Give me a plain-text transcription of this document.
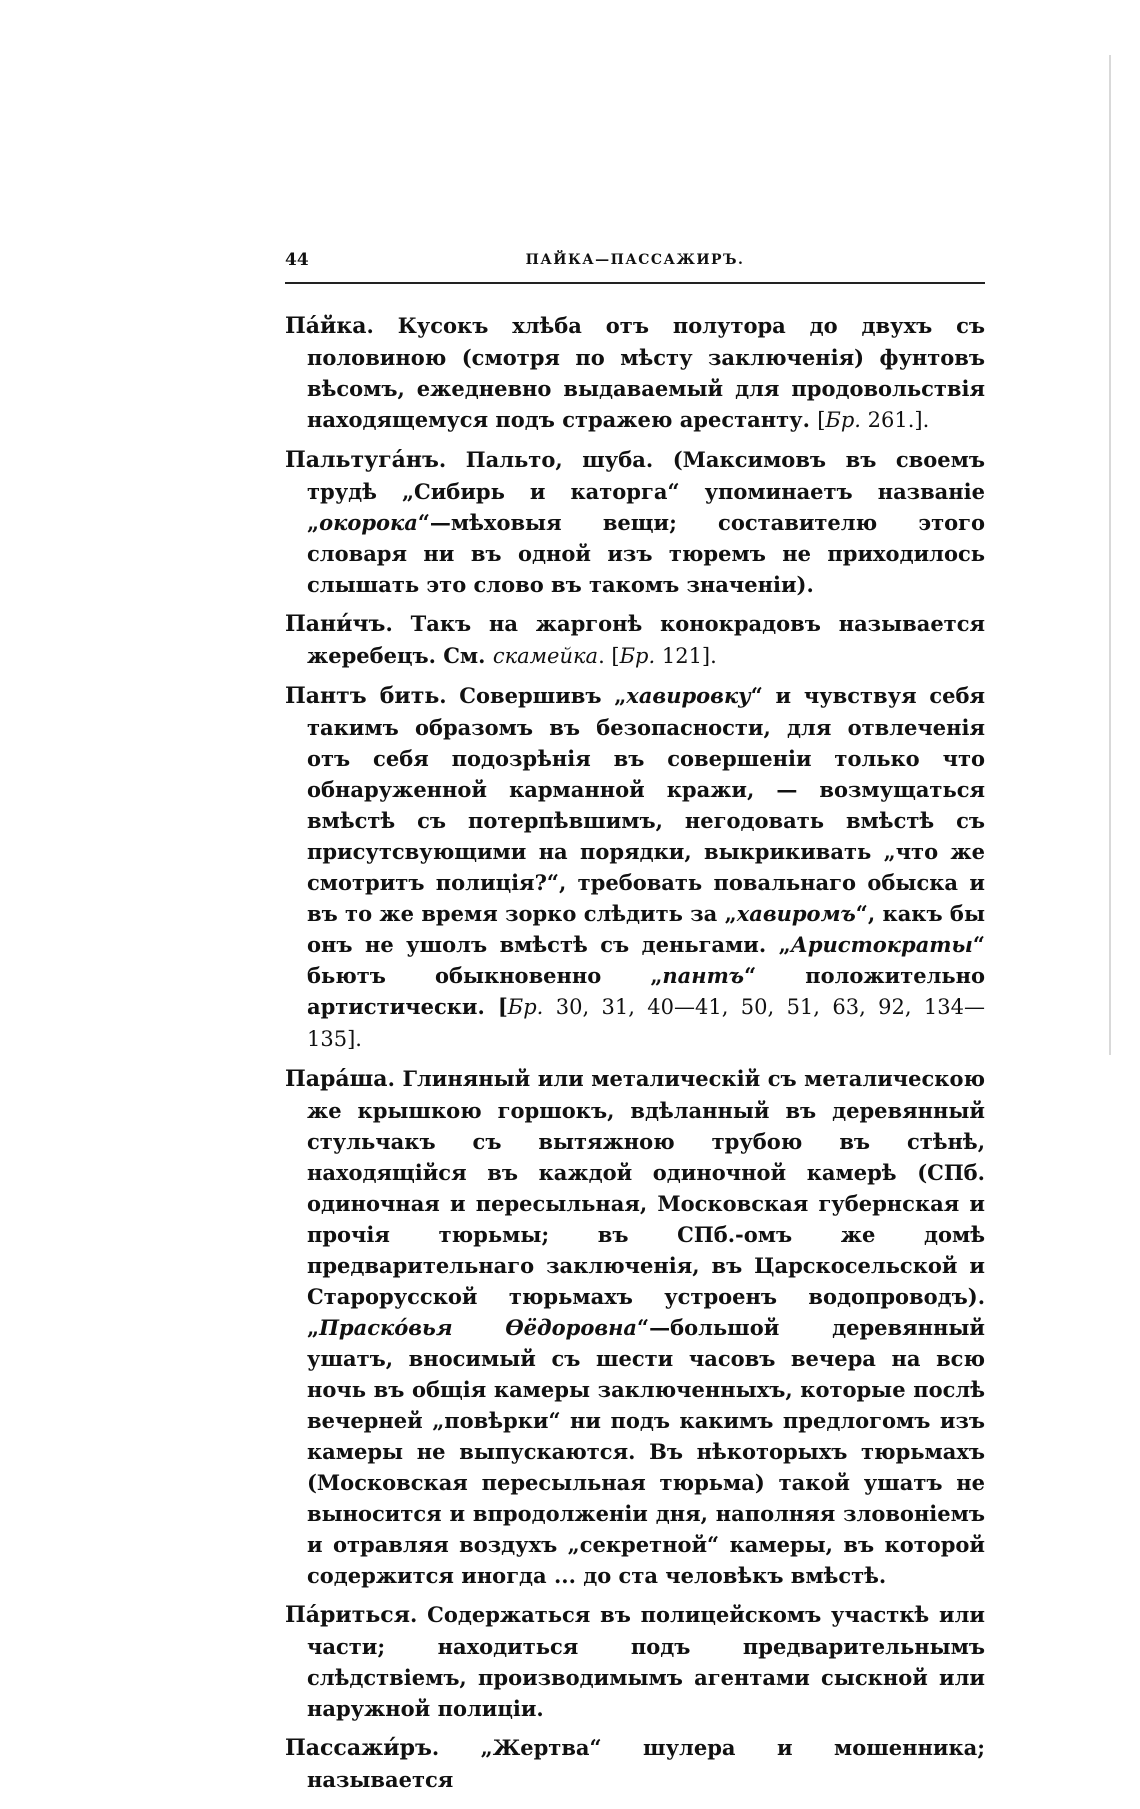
44	ПАЙКА—ПАССАЖИРЪ.

Пáйка. Кусокъ хлѣба отъ полутора до двухъ съ половиною (смотря по мѣсту заключенія) фунтовъ вѣсомъ, ежедневно выдаваемый для продовольствія находящемуся подъ стражею арестанту. [Бр. 261.].

Пальтугáнъ. Пальто, шуба. (Максимовъ въ своемъ трудѣ „Сибирь и каторга“ упоминаетъ названіе „окорока“—мѣховыя вещи; составителю этого словаря ни въ одной изъ тюремъ не приходилось слышать это слово въ такомъ значеніи).

Пани́чъ. Такъ на жаргонѣ конокрадовъ называется жеребецъ. См. скамейка. [Бр. 121].

Пантъ бить. Совершивъ „хавировку“ и чувствуя себя такимъ образомъ въ безопасности, для отвлеченія отъ себя подозрѣнія въ совершеніи только что обнаруженной карманной кражи, — возмущаться вмѣстѣ съ потерпѣвшимъ, негодовать вмѣстѣ съ присутсвующими на порядки, выкрикивать „что же смотритъ полиція?“, требовать повальнаго обыска и въ то же время зорко слѣдить за „хавиромъ“, какъ бы онъ не ушолъ вмѣстѣ съ деньгами. „Аристократы“ бьютъ обыкновенно „пантъ“ положительно артистически. [Бр. 30, 31, 40—41, 50, 51, 63, 92, 134—135].

Парáша. Глиняный или металическій съ металическою же крышкою горшокъ, вдѣланный въ деревянный стульчакъ съ вытяжною трубою въ стѣнѣ, находящійся въ каждой одиночной камерѣ (СПб. одиночная и пересыльная, Московская губернская и прочія тюрьмы; въ СПб.-омъ же домѣ предварительнаго заключенія, въ Царскосельской и Старорусской тюрьмахъ устроенъ водопроводъ). „Праскóвья Ѳёдоровна“—большой деревянный ушатъ, вносимый съ шести часовъ вечера на всю ночь въ общія камеры заключенныхъ, которые послѣ вечерней „повѣрки“ ни подъ какимъ предлогомъ изъ камеры не выпускаются. Въ нѣкоторыхъ тюрьмахъ (Московская пересыльная тюрьма) такой ушатъ не выносится и впродолженіи дня, наполняя зловоніемъ и отравляя воздухъ „секретной“ камеры, въ которой содержится иногда ... до ста человѣкъ вмѣстѣ.

Пáриться. Содержаться въ полицейскомъ участкѣ или части; находиться подъ предварительнымъ слѣдствіемъ, производимымъ агентами сыскной или наружной полиціи.

Пассажи́ръ. „Жертва“ шулера и мошенника; называется
